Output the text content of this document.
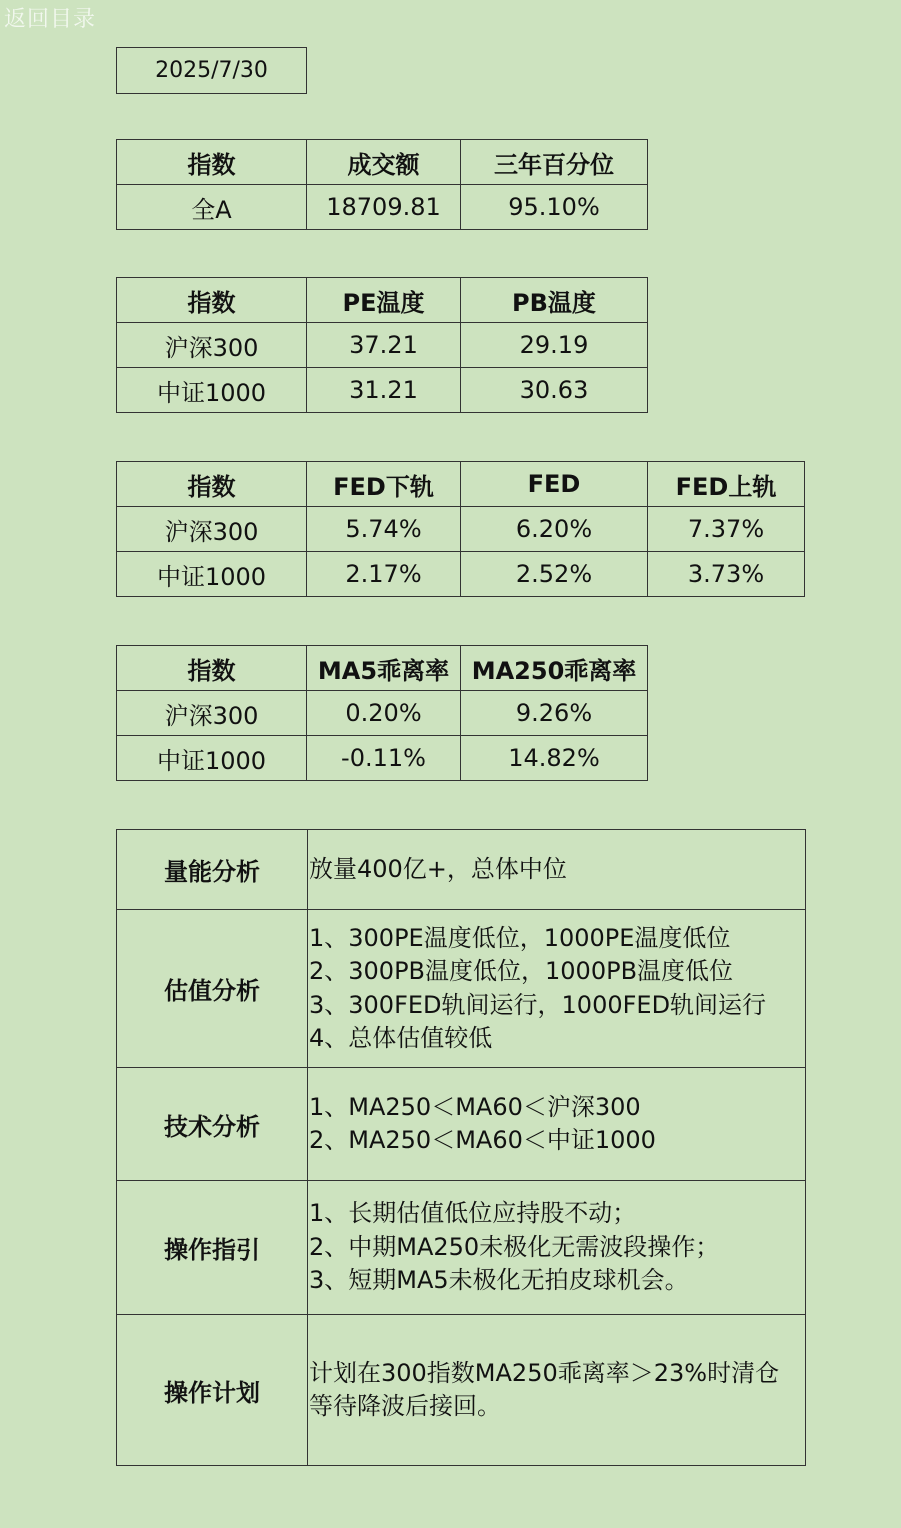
返回目录
2025/7/30
指数	成交额	三年百分位
全A	18709.81	95.10%
指数	PE温度	PB温度
沪深300	37.21	29.19
中证1000	31.21	30.63
指数	FED下轨	FED	FED上轨
沪深300	5.74%	6.20%	7.37%
中证1000	2.17%	2.52%	3.73%
指数	MA5乖离率	MA250乖离率
沪深300	0.20%	9.26%
中证1000	-0.11%	14.82%
量能分析	放量400亿+，总体中位

估值分析	1、300PE温度低位，1000PE温度低位
2、300PB温度低位，1000PB温度低位
3、300FED轨间运行，1000FED轨间运行
4、总体估值较低

技术分析	1、MA250＜MA60＜沪深300
2、MA250＜MA60＜中证1000

操作指引	1、长期估值低位应持股不动；
2、中期MA250未极化无需波段操作；
3、短期MA5未极化无拍皮球机会。

操作计划	计划在300指数MA250乖离率＞23%时清仓
等待降波后接回。
